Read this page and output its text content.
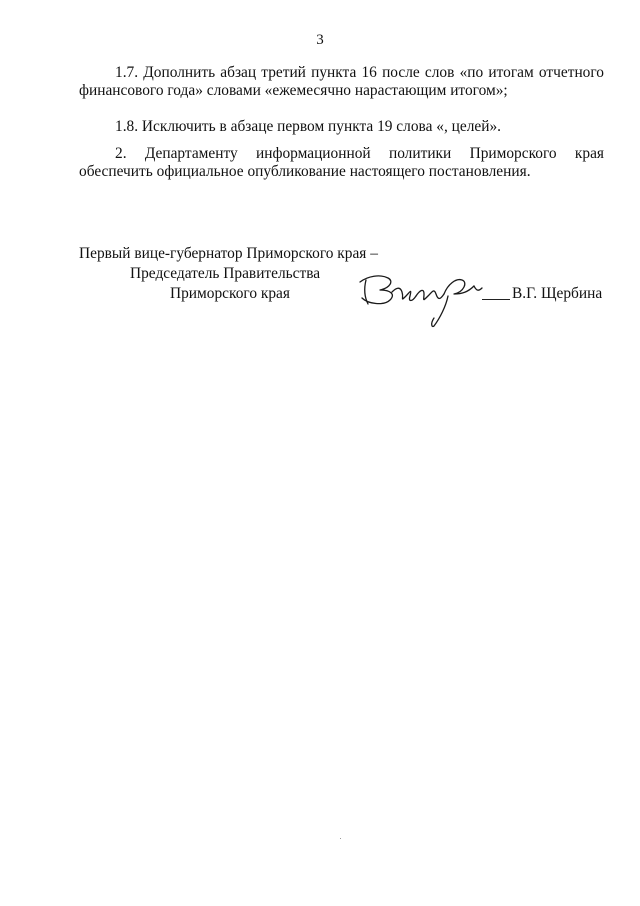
3
1.7. Дополнить абзац третий пункта 16 после слов «по итогам отчетного
финансового года» словами «ежемесячно нарастающим итогом»;
1.8. Исключить в абзаце первом пункта 19 слова «, целей».
2. Департаменту информационной политики Приморского края
обеспечить официальное опубликование настоящего постановления.
Первый вице-губернатор Приморского края –
Председатель Правительства
Приморского края	В.Г. Щербина
